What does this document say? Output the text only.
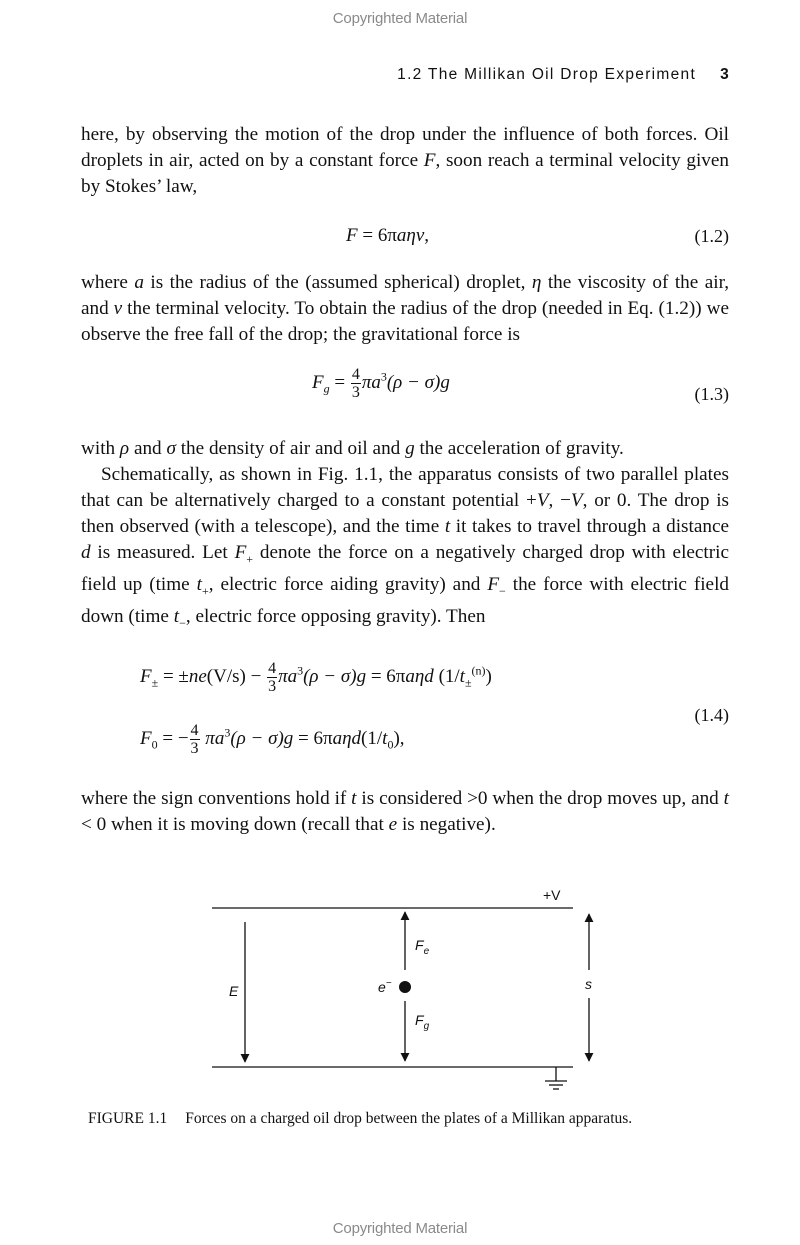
Copyrighted Material
1.2 The Millikan Oil Drop Experiment 3

here, by observing the motion of the drop under the influence of both forces. Oil droplets in air, acted on by a constant force F, soon reach a terminal velocity given by Stokes’ law,

F = 6πaηv,	(1.2)

where a is the radius of the (assumed spherical) droplet, η the viscosity of the air, and v the terminal velocity. To obtain the radius of the drop (needed in Eq. (1.2)) we observe the free fall of the drop; the gravitational force is

$F_g = \frac{4}{3} \pi a^3(\rho - \sigma)g$
(1.3)

with ρ and σ the density of air and oil and g the acceleration of gravity.

Schematically, as shown in Fig. 1.1, the apparatus consists of two parallel plates that can be alternatively charged to a constant potential +V, −V, or 0. The drop is then observed (with a telescope), and the time t it takes to travel through a distance d is measured. Let $F_+$ denote the force on a negatively charged drop with electric field up (time $t_+$, electric force aiding gravity) and $F_-$ the force with electric field down (time $t_-$, electric force opposing gravity). Then

$F_\pm = \pm ne(V/s) - \frac{4}{3} \pi a^3(\rho - \sigma)g = 6\pi a\eta d$ $(1/t_\pm^{(n)})$
$F_0$ = − $\frac{4}{3} \pi a^3(\rho - \sigma)g = 6\pi a\eta d(1/t_0)$,
(1.4)

where the sign conventions hold if t is considered >0 when the drop moves up, and t < 0 when it is moving down (recall that e is negative).

+V
E	e−
$F_e$
$F_g$
s
FIGURE 1.1 Forces on a charged oil drop between the plates of a Millikan apparatus.
Copyrighted Material
